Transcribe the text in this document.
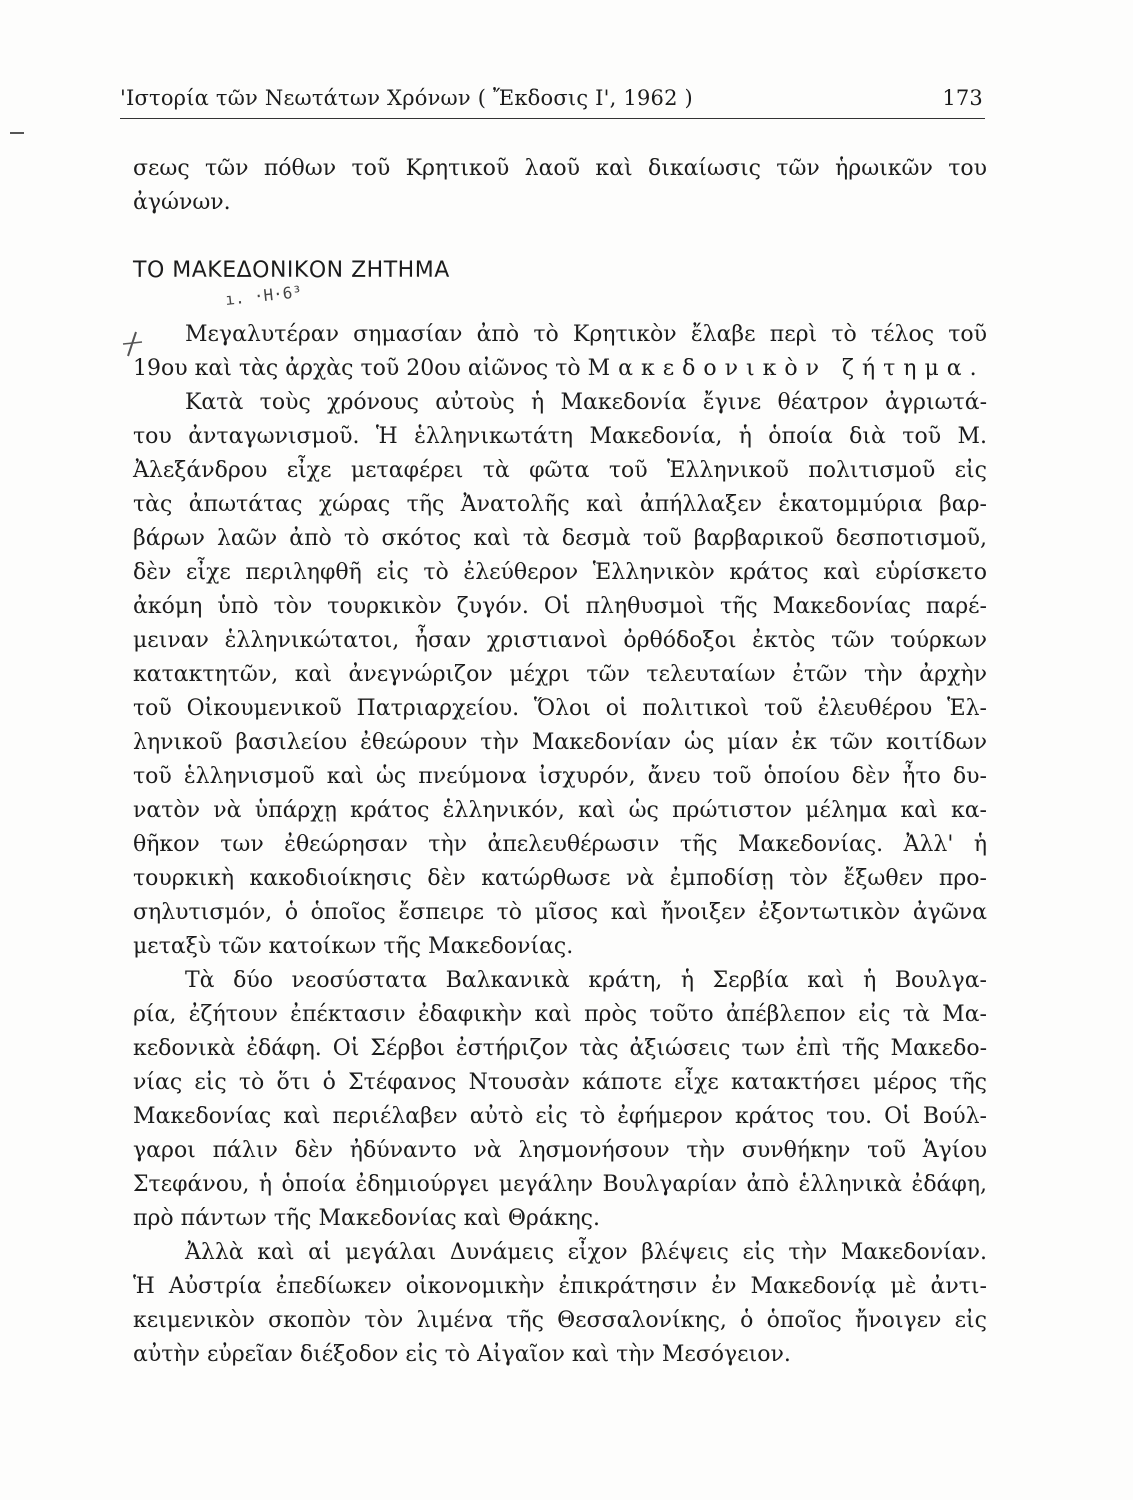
'Ιστορία τῶν Νεωτάτων Χρόνων ( Ἔκδοσις Ι', 1962 )	173
σεως τῶν πόθων τοῦ Κρητικοῦ λαοῦ καὶ δικαίωσις τῶν ἡρωικῶν του
ἀγώνων.
ΤΟ ΜΑΚΕΔΟΝΙΚΟΝ ΖΗΤΗΜΑ
ı. ·H·6³
Μεγαλυτέραν σημασίαν ἀπὸ τὸ Κρητικὸν ἔλαβε περὶ τὸ τέλος τοῦ
19ου καὶ τὰς ἀρχὰς τοῦ 20ου αἰῶνος τὸ Μακεδονικὸν ζήτημα.
Κατὰ τοὺς χρόνους αὐτοὺς ἡ Μακεδονία ἔγινε θέατρον ἀγριωτά-
του ἀνταγωνισμοῦ. Ἡ ἑλληνικωτάτη Μακεδονία, ἡ ὁποία διὰ τοῦ Μ.
Ἀλεξάνδρου εἶχε μεταφέρει τὰ φῶτα τοῦ Ἑλληνικοῦ πολιτισμοῦ εἰς
τὰς ἀπωτάτας χώρας τῆς Ἀνατολῆς καὶ ἀπήλλαξεν ἑκατομμύρια βαρ-
βάρων λαῶν ἀπὸ τὸ σκότος καὶ τὰ δεσμὰ τοῦ βαρβαρικοῦ δεσποτισμοῦ,
δὲν εἶχε περιληφθῆ εἰς τὸ ἐλεύθερον Ἑλληνικὸν κράτος καὶ εὑρίσκετο
ἀκόμη ὑπὸ τὸν τουρκικὸν ζυγόν. Οἱ πληθυσμοὶ τῆς Μακεδονίας παρέ-
μειναν ἑλληνικώτατοι, ἦσαν χριστιανοὶ ὀρθόδοξοι ἐκτὸς τῶν τούρκων
κατακτητῶν, καὶ ἀνεγνώριζον μέχρι τῶν τελευταίων ἐτῶν τὴν ἀρχὴν
τοῦ Οἰκουμενικοῦ Πατριαρχείου. Ὅλοι οἱ πολιτικοὶ τοῦ ἐλευθέρου Ἑλ-
ληνικοῦ βασιλείου ἐθεώρουν τὴν Μακεδονίαν ὡς μίαν ἐκ τῶν κοιτίδων
τοῦ ἑλληνισμοῦ καὶ ὡς πνεύμονα ἰσχυρόν, ἄνευ τοῦ ὁποίου δὲν ἦτο δυ-
νατὸν νὰ ὑπάρχῃ κράτος ἑλληνικόν, καὶ ὡς πρώτιστον μέλημα καὶ κα-
θῆκον των ἐθεώρησαν τὴν ἀπελευθέρωσιν τῆς Μακεδονίας. Ἀλλ' ἡ
τουρκικὴ κακοδιοίκησις δὲν κατώρθωσε νὰ ἐμποδίσῃ τὸν ἔξωθεν προ-
σηλυτισμόν, ὁ ὁποῖος ἔσπειρε τὸ μῖσος καὶ ἤνοιξεν ἐξοντωτικὸν ἀγῶνα
μεταξὺ τῶν κατοίκων τῆς Μακεδονίας.
Τὰ δύο νεοσύστατα Βαλκανικὰ κράτη, ἡ Σερβία καὶ ἡ Βουλγα-
ρία, ἐζήτουν ἐπέκτασιν ἐδαφικὴν καὶ πρὸς τοῦτο ἀπέβλεπον εἰς τὰ Μα-
κεδονικὰ ἐδάφη. Οἱ Σέρβοι ἐστήριζον τὰς ἀξιώσεις των ἐπὶ τῆς Μακεδο-
νίας εἰς τὸ ὅτι ὁ Στέφανος Ντουσὰν κάποτε εἶχε κατακτήσει μέρος τῆς
Μακεδονίας καὶ περιέλαβεν αὐτὸ εἰς τὸ ἐφήμερον κράτος του. Οἱ Βούλ-
γαροι πάλιν δὲν ἠδύναντο νὰ λησμονήσουν τὴν συνθήκην τοῦ Ἁγίου
Στεφάνου, ἡ ὁποία ἐδημιούργει μεγάλην Βουλγαρίαν ἀπὸ ἑλληνικὰ ἐδάφη,
πρὸ πάντων τῆς Μακεδονίας καὶ Θράκης.
Ἀλλὰ καὶ αἱ μεγάλαι Δυνάμεις εἶχον βλέψεις εἰς τὴν Μακεδονίαν.
Ἡ Αὐστρία ἐπεδίωκεν οἰκονομικὴν ἐπικράτησιν ἐν Μακεδονίᾳ μὲ ἀντι-
κειμενικὸν σκοπὸν τὸν λιμένα τῆς Θεσσαλονίκης, ὁ ὁποῖος ἤνοιγεν εἰς
αὐτὴν εὐρεῖαν διέξοδον εἰς τὸ Αἰγαῖον καὶ τὴν Μεσόγειον.
